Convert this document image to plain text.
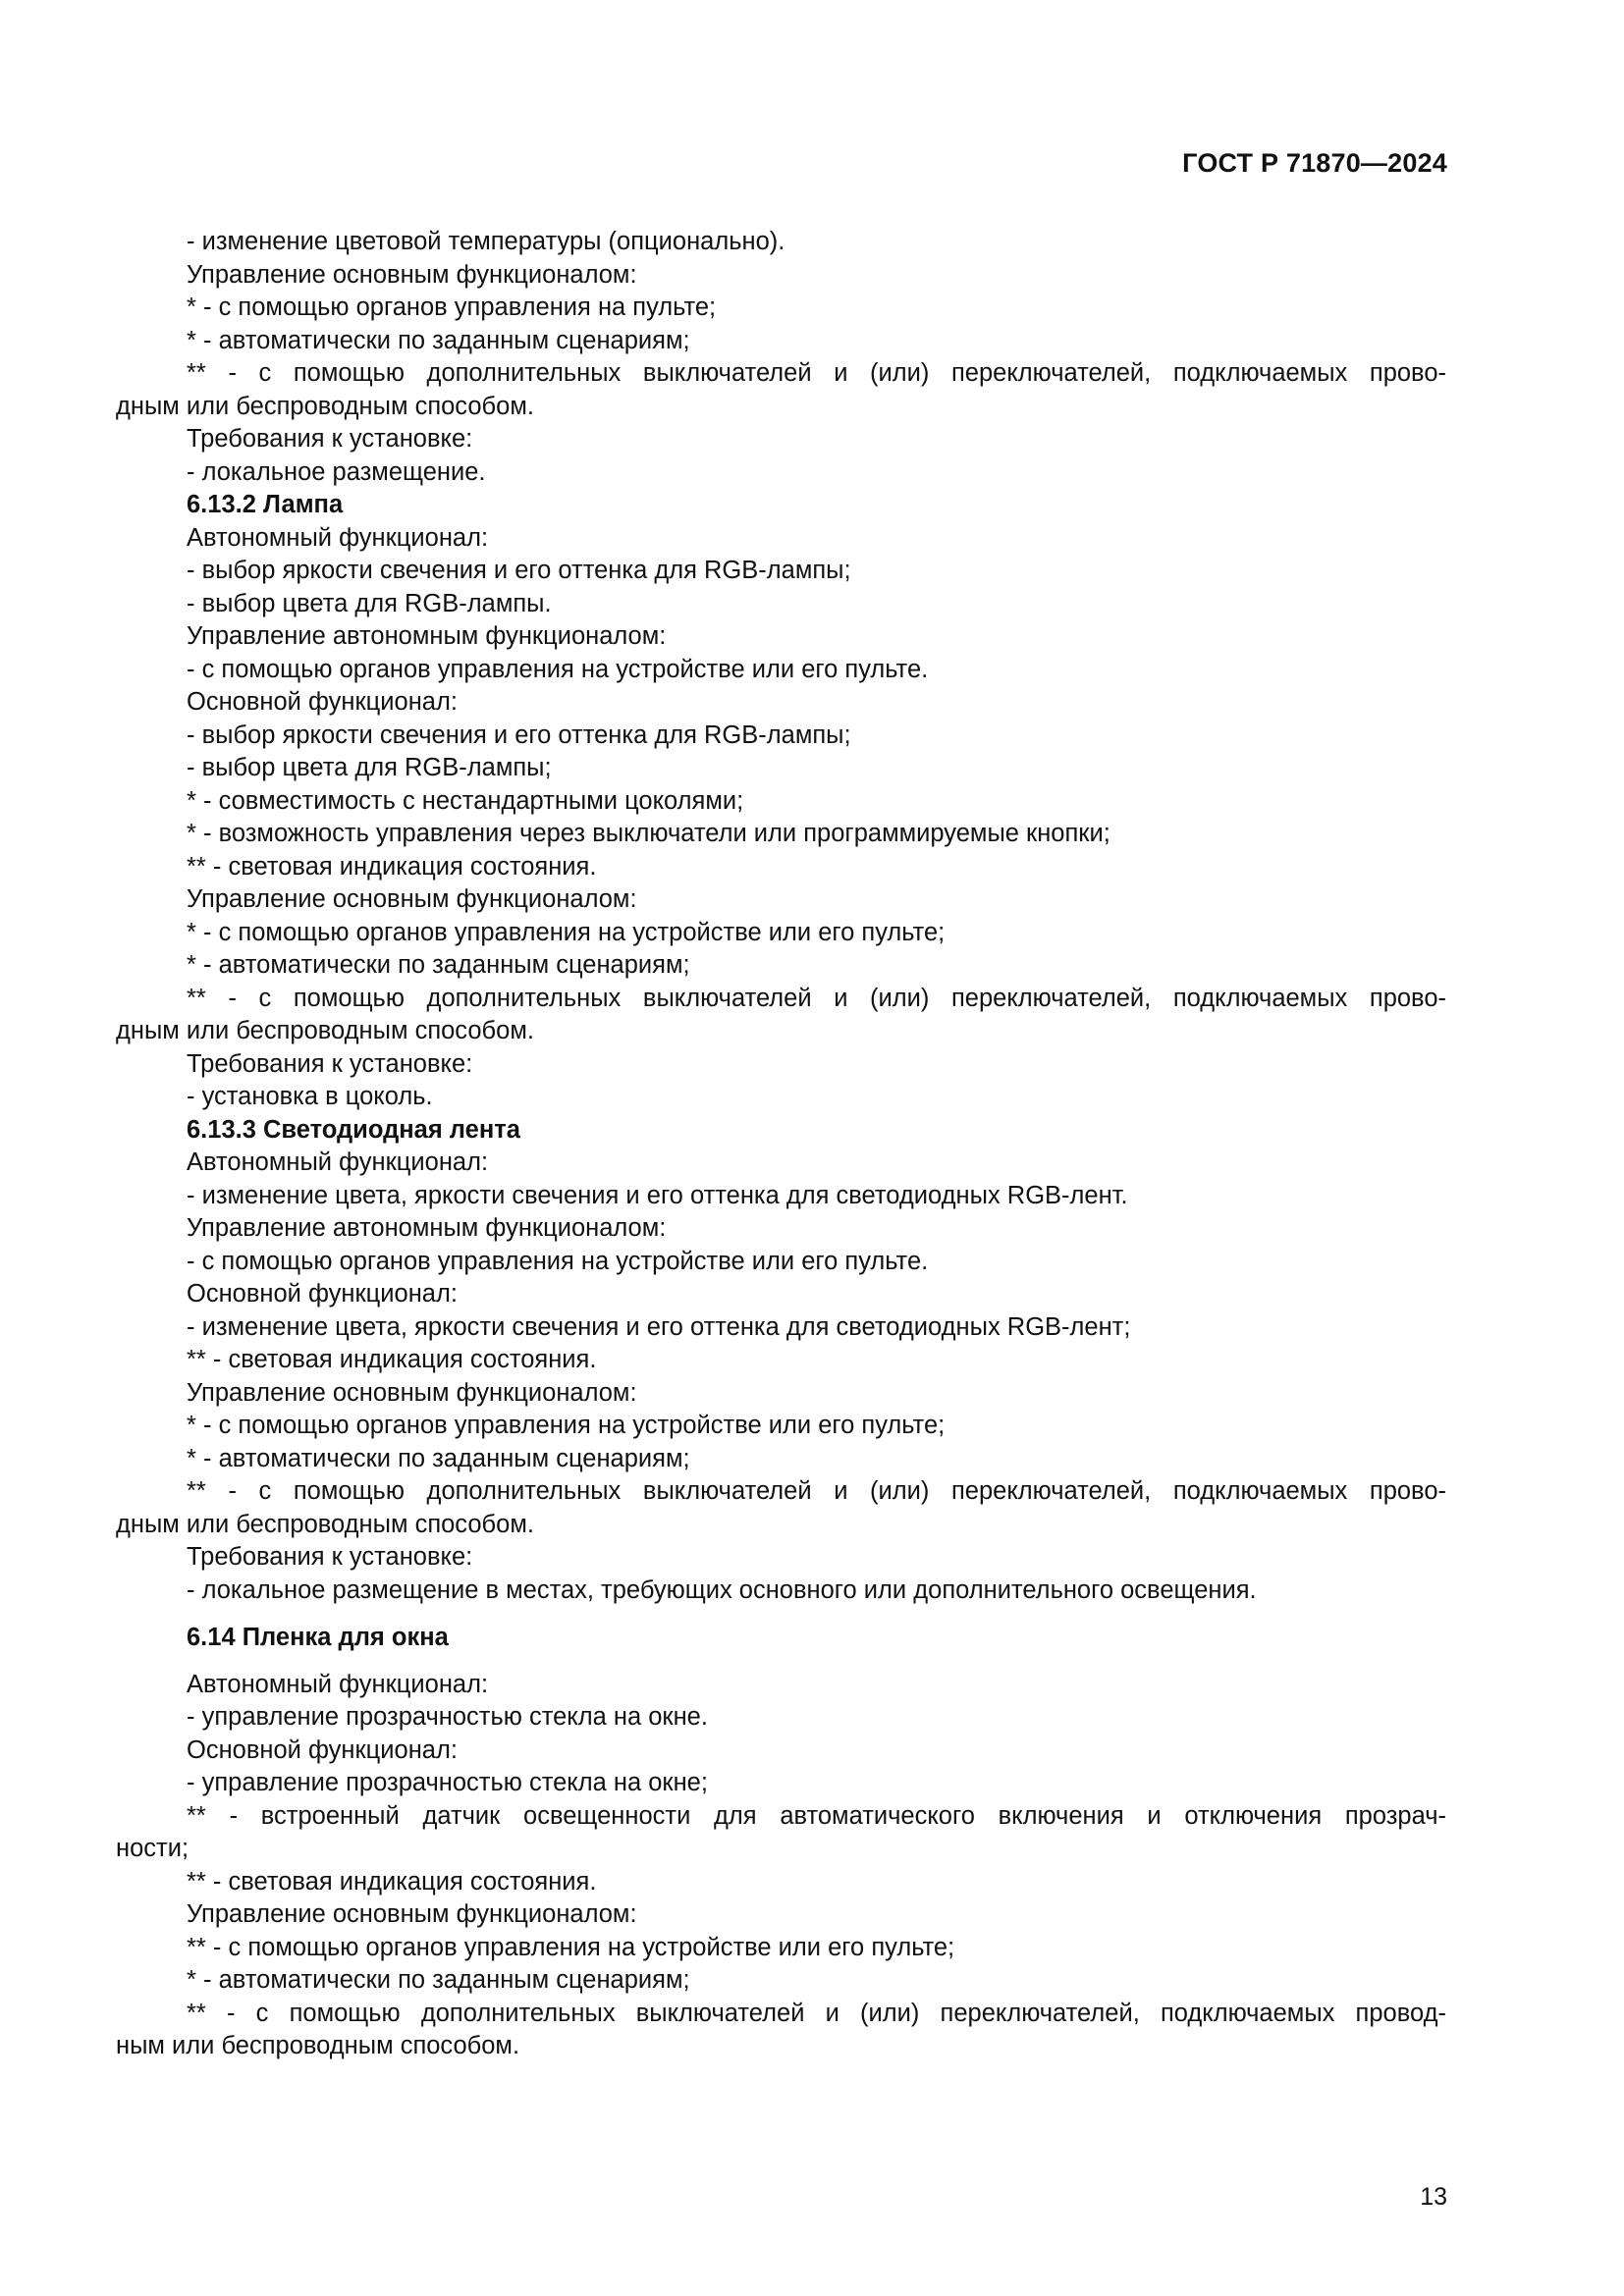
ГОСТ Р 71870—2024
- изменение цветовой температуры (опционально).
Управление основным функционалом:
* - с помощью органов управления на пульте;
* - автоматически по заданным сценариям;
** - с помощью дополнительных выключателей и (или) переключателей, подключаемых прово-
дным или беспроводным способом.
Требования к установке:
- локальное размещение.
6.13.2 Лампа
Автономный функционал:
- выбор яркости свечения и его оттенка для RGB-лампы;
- выбор цвета для RGB-лампы.
Управление автономным функционалом:
- с помощью органов управления на устройстве или его пульте.
Основной функционал:
- выбор яркости свечения и его оттенка для RGB-лампы;
- выбор цвета для RGB-лампы;
* - совместимость с нестандартными цоколями;
* - возможность управления через выключатели или программируемые кнопки;
** - световая индикация состояния.
Управление основным функционалом:
* - с помощью органов управления на устройстве или его пульте;
* - автоматически по заданным сценариям;
** - с помощью дополнительных выключателей и (или) переключателей, подключаемых прово-
дным или беспроводным способом.
Требования к установке:
- установка в цоколь.
6.13.3 Светодиодная лента
Автономный функционал:
- изменение цвета, яркости свечения и его оттенка для светодиодных RGB-лент.
Управление автономным функционалом:
- с помощью органов управления на устройстве или его пульте.
Основной функционал:
- изменение цвета, яркости свечения и его оттенка для светодиодных RGB-лент;
** - световая индикация состояния.
Управление основным функционалом:
* - с помощью органов управления на устройстве или его пульте;
* - автоматически по заданным сценариям;
** - с помощью дополнительных выключателей и (или) переключателей, подключаемых прово-
дным или беспроводным способом.
Требования к установке:
- локальное размещение в местах, требующих основного или дополнительного освещения.
6.14 Пленка для окна
Автономный функционал:
- управление прозрачностью стекла на окне.
Основной функционал:
- управление прозрачностью стекла на окне;
** - встроенный датчик освещенности для автоматического включения и отключения прозрач-
ности;
** - световая индикация состояния.
Управление основным функционалом:
** - с помощью органов управления на устройстве или его пульте;
* - автоматически по заданным сценариям;
** - с помощью дополнительных выключателей и (или) переключателей, подключаемых провод-
ным или беспроводным способом.
13
